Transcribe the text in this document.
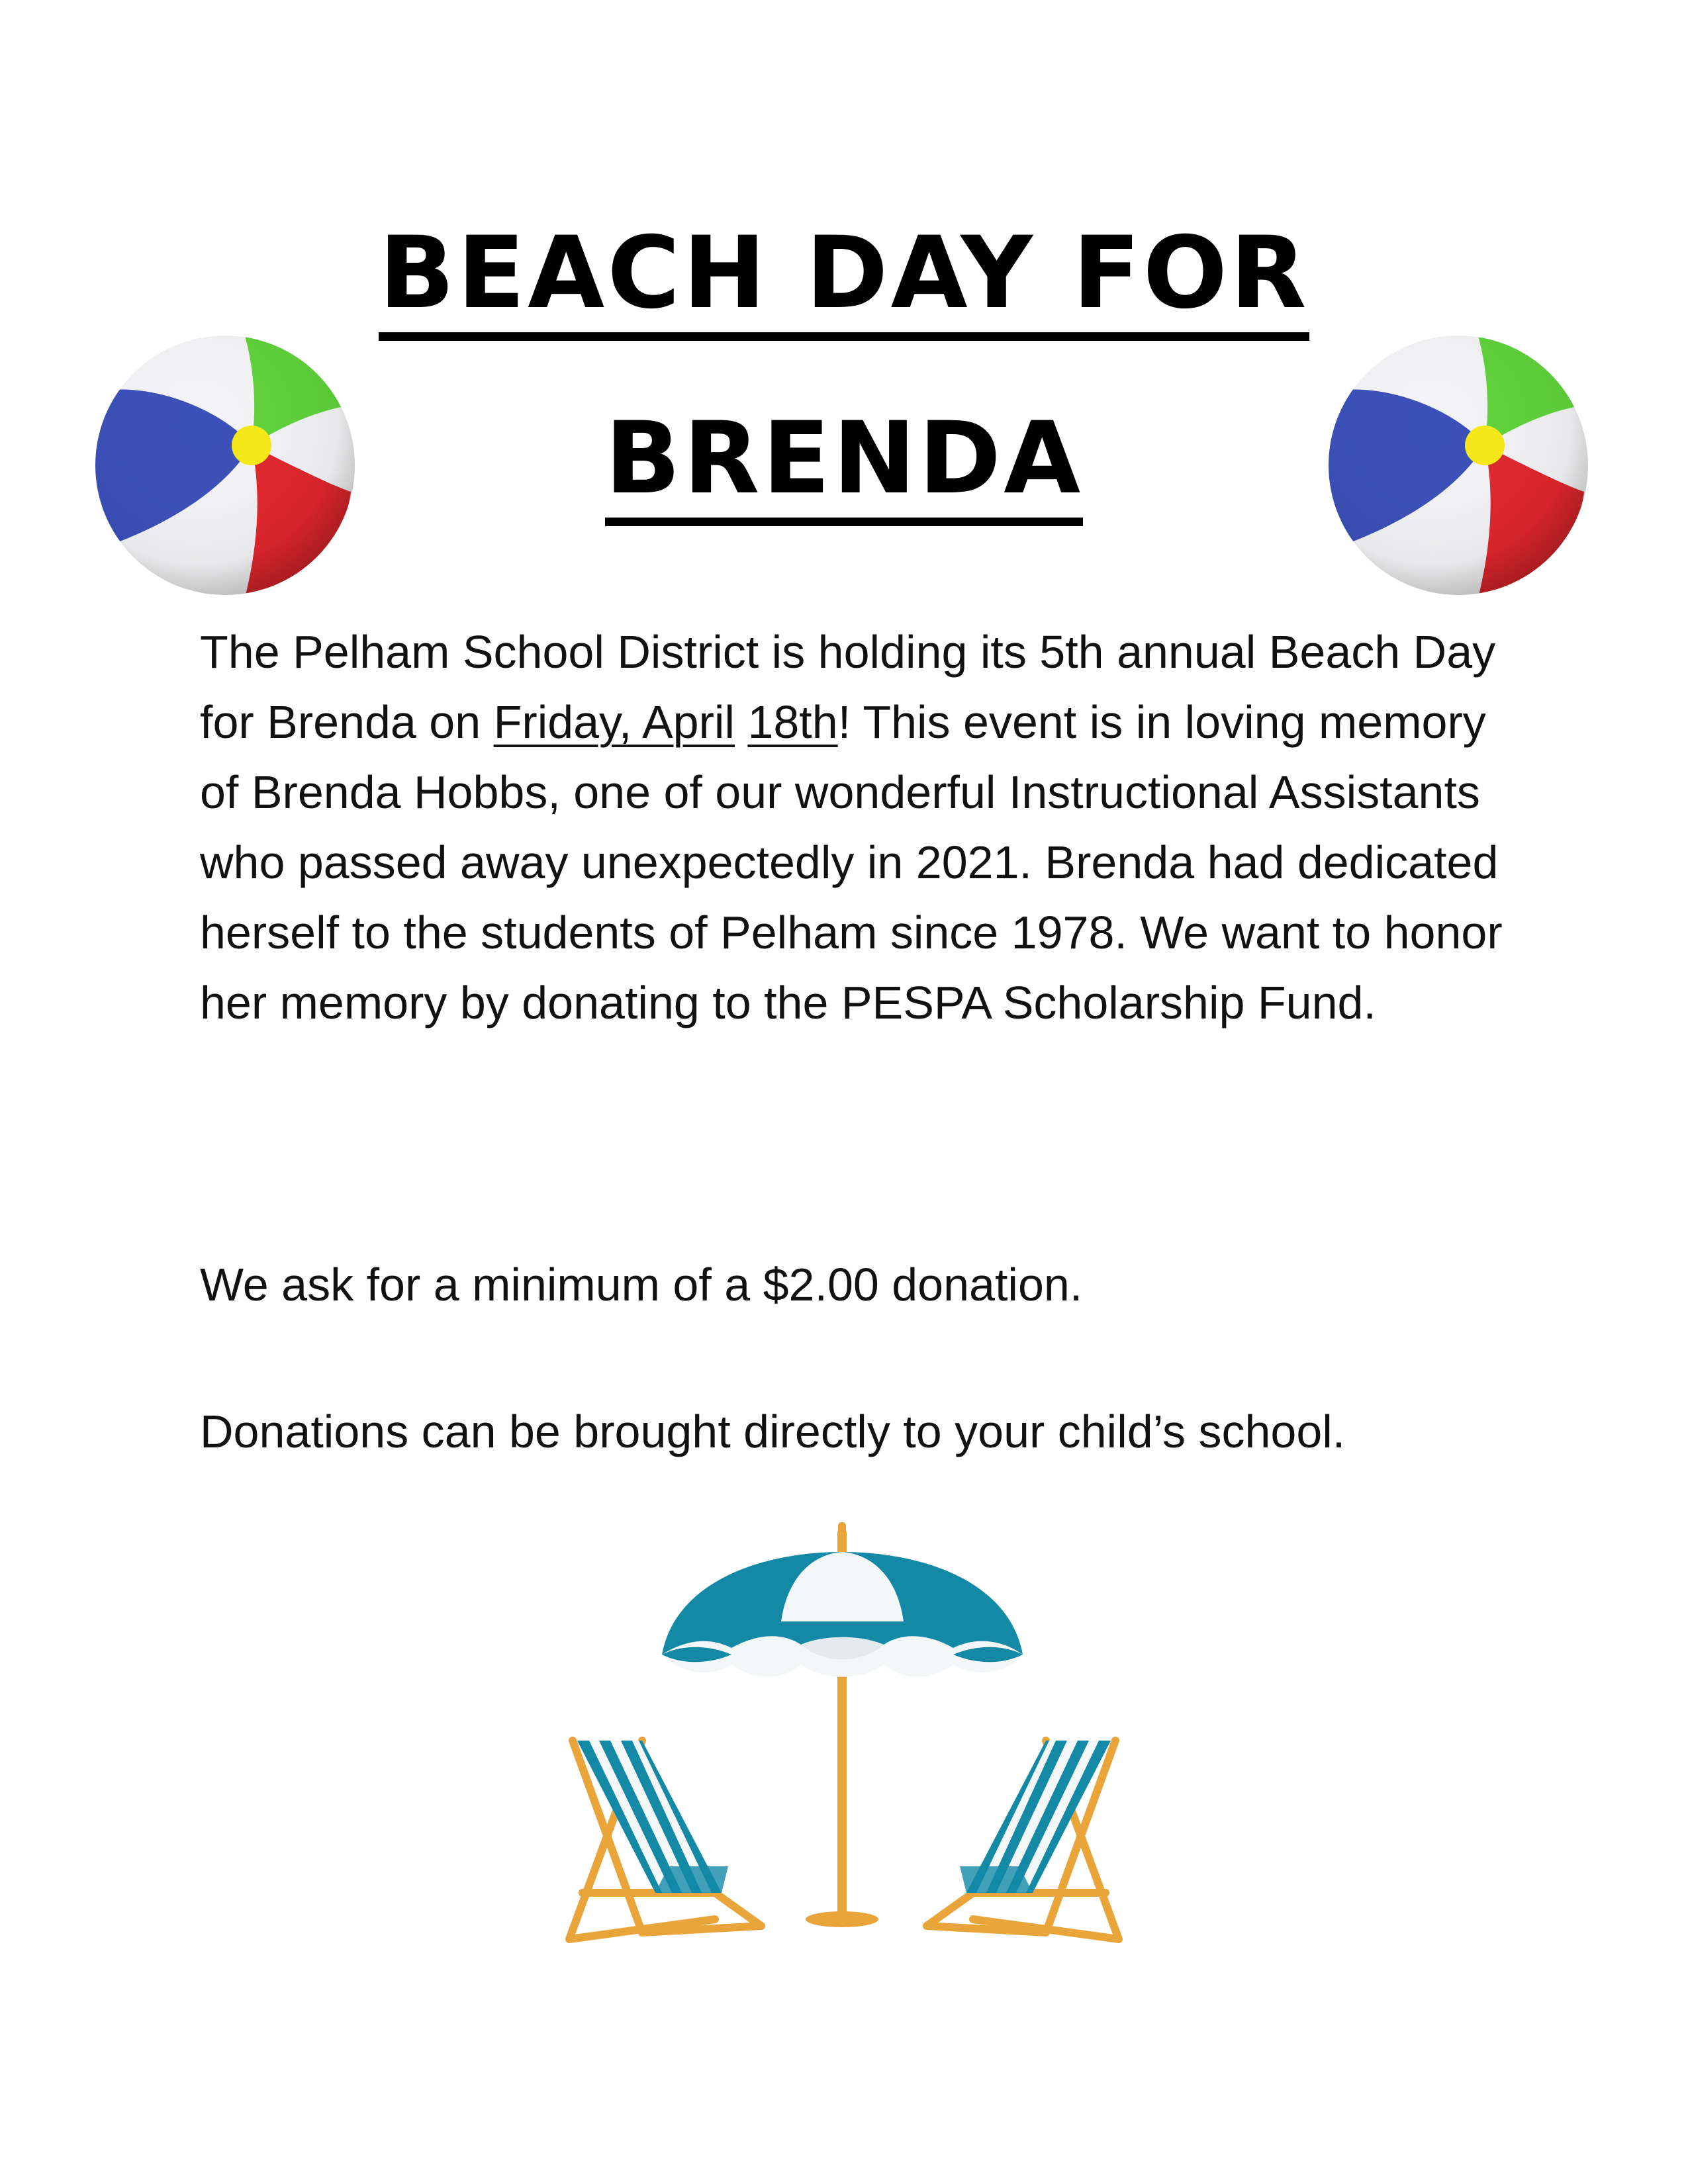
BEACH DAY FOR
BRENDA

The Pelham School District is holding its 5th annual Beach Day for Brenda on Friday, April 18th! This event is in loving memory of Brenda Hobbs, one of our wonderful Instructional Assistants who passed away unexpectedly in 2021. Brenda had dedicated herself to the students of Pelham since 1978. We want to honor her memory by donating to the PESPA Scholarship Fund.

We ask for a minimum of a $2.00 donation.

Donations can be brought directly to your child’s school.
